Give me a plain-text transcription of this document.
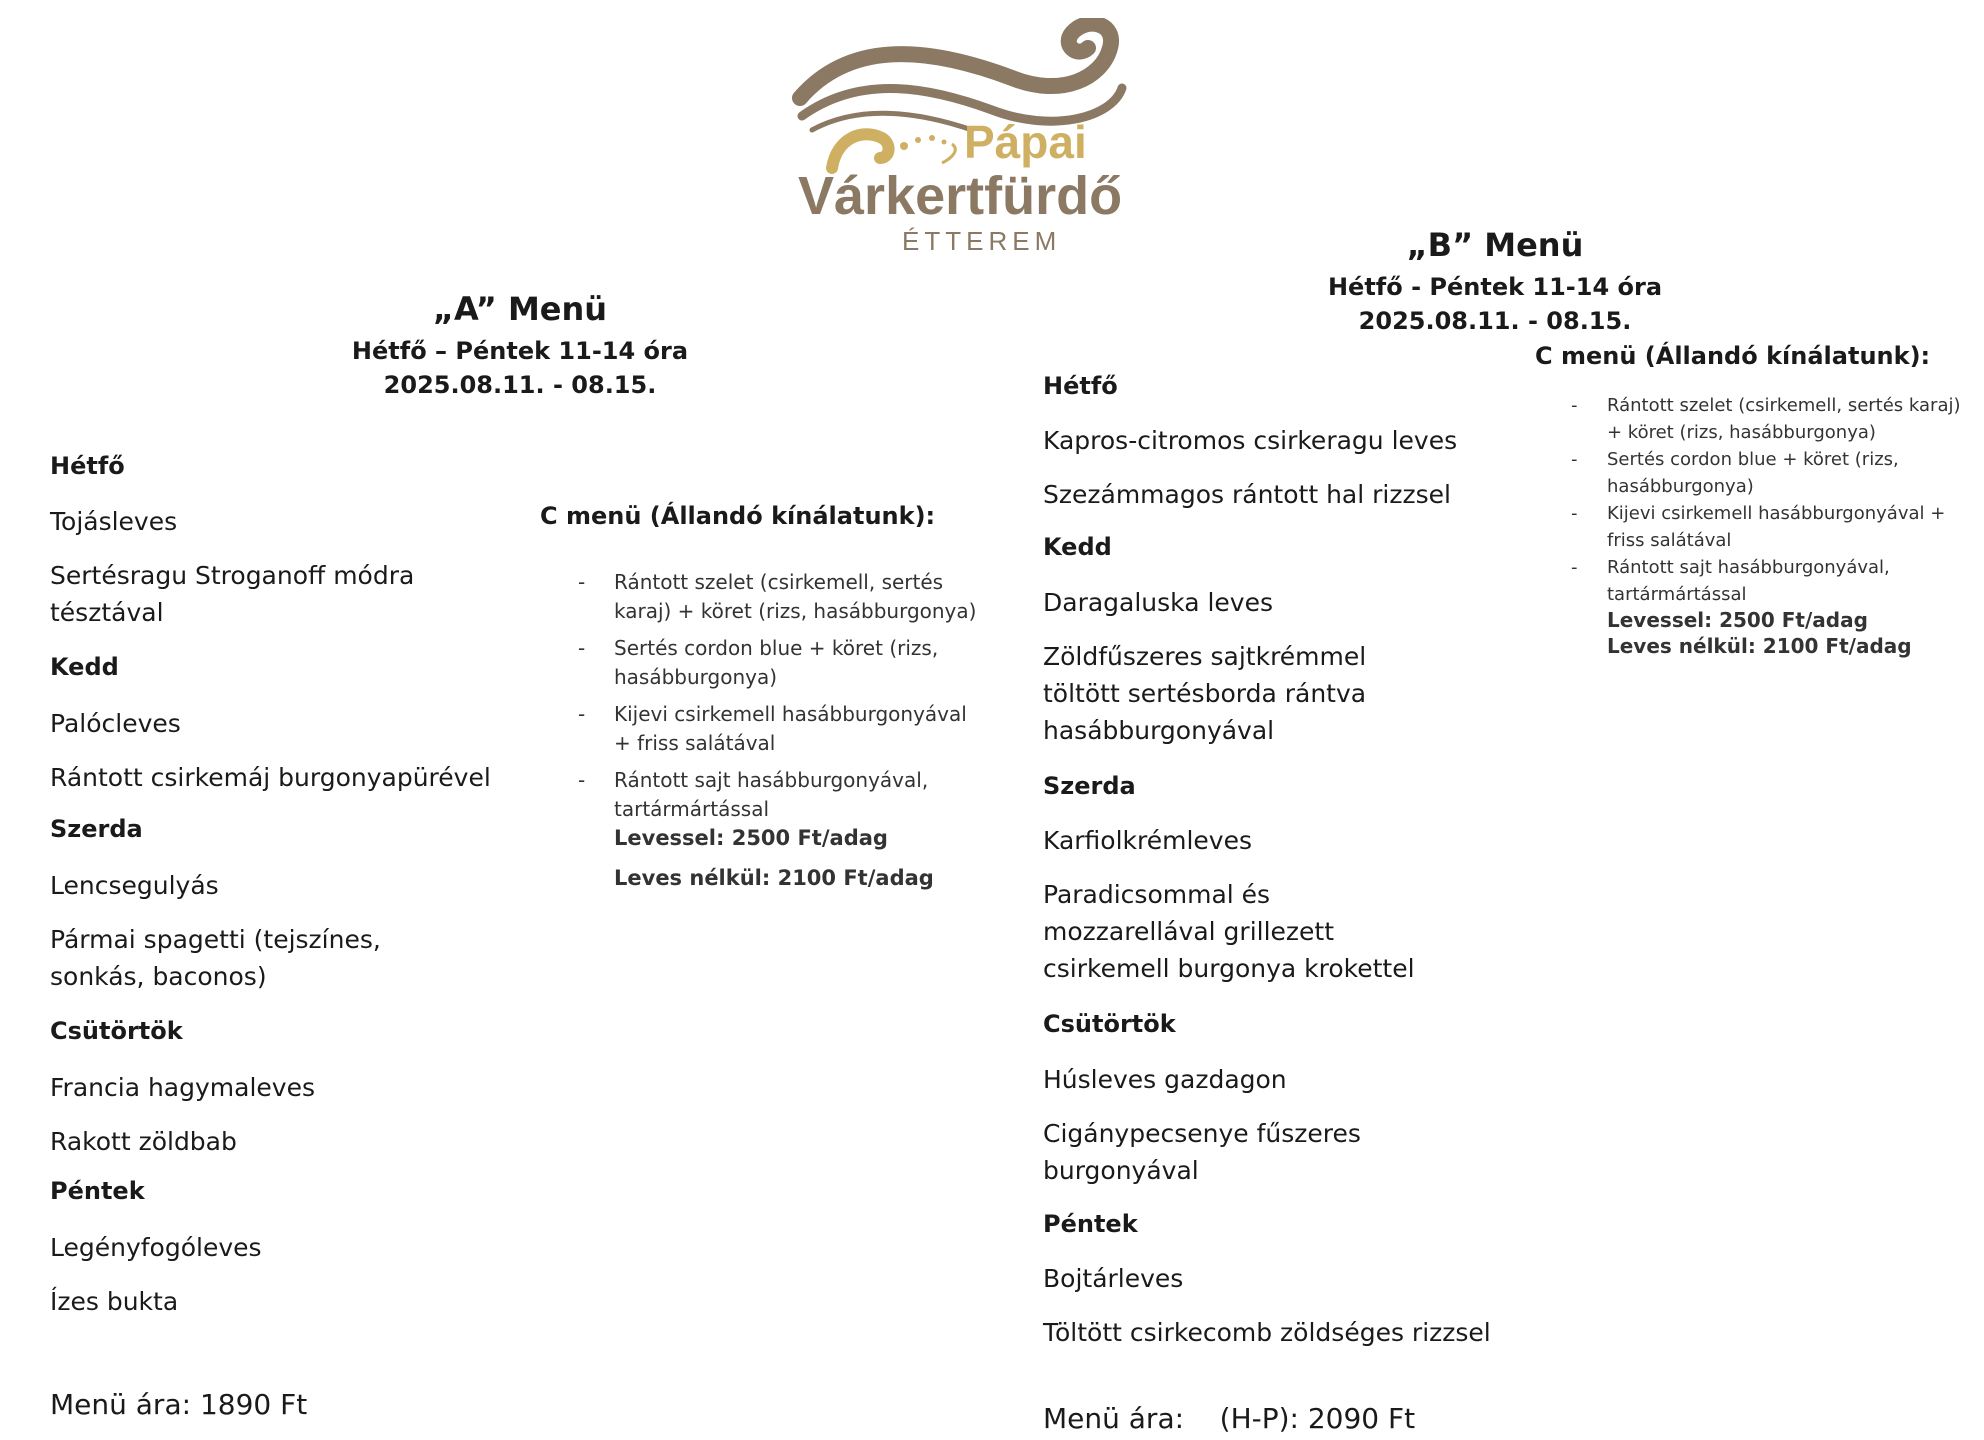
Pápai
Várkertfürdő
ÉTTEREM
„A” Menü
Hétfő – Péntek 11-14 óra
2025.08.11. - 08.15.
Hétfő
Tojásleves
Sertésragu Stroganoff módra tésztával
Kedd
Palócleves
Rántott csirkemáj burgonyapürével
Szerda
Lencsegulyás
Pármai spagetti (tejszínes, sonkás, baconos)
Csütörtök
Francia hagymaleves
Rakott zöldbab
Péntek
Legényfogóleves
Ízes bukta
Menü ára: 1890 Ft
C menü (Állandó kínálatunk):
- Rántott szelet (csirkemell, sertés karaj) + köret (rizs, hasábburgonya)
- Sertés cordon blue + köret (rizs, hasábburgonya)
- Kijevi csirkemell hasábburgonyával + friss salátával
- Rántott sajt hasábburgonyával, tartármártással
Levessel: 2500 Ft/adag
Leves nélkül: 2100 Ft/adag
„B” Menü
Hétfő - Péntek 11-14 óra
2025.08.11. - 08.15.
Hétfő
Kapros-citromos csirkeragu leves
Szezámmagos rántott hal rizzsel
Kedd
Daragaluska leves
Zöldfűszeres sajtkrémmel töltött sertésborda rántva hasábburgonyával
Szerda
Karfiolkrémleves
Paradicsommal és mozzarellával grillezett csirkemell burgonya krokettel
Csütörtök
Húsleves gazdagon
Cigánypecsenye fűszeres burgonyával
Péntek
Bojtárleves
Töltött csirkecomb zöldséges rizzsel
Menü ára:    (H-P): 2090 Ft
C menü (Állandó kínálatunk):
- Rántott szelet (csirkemell, sertés karaj) + köret (rizs, hasábburgonya)
- Sertés cordon blue + köret (rizs, hasábburgonya)
- Kijevi csirkemell hasábburgonyával + friss salátával
- Rántott sajt hasábburgonyával, tartármártással
Levessel: 2500 Ft/adag
Leves nélkül: 2100 Ft/adag
